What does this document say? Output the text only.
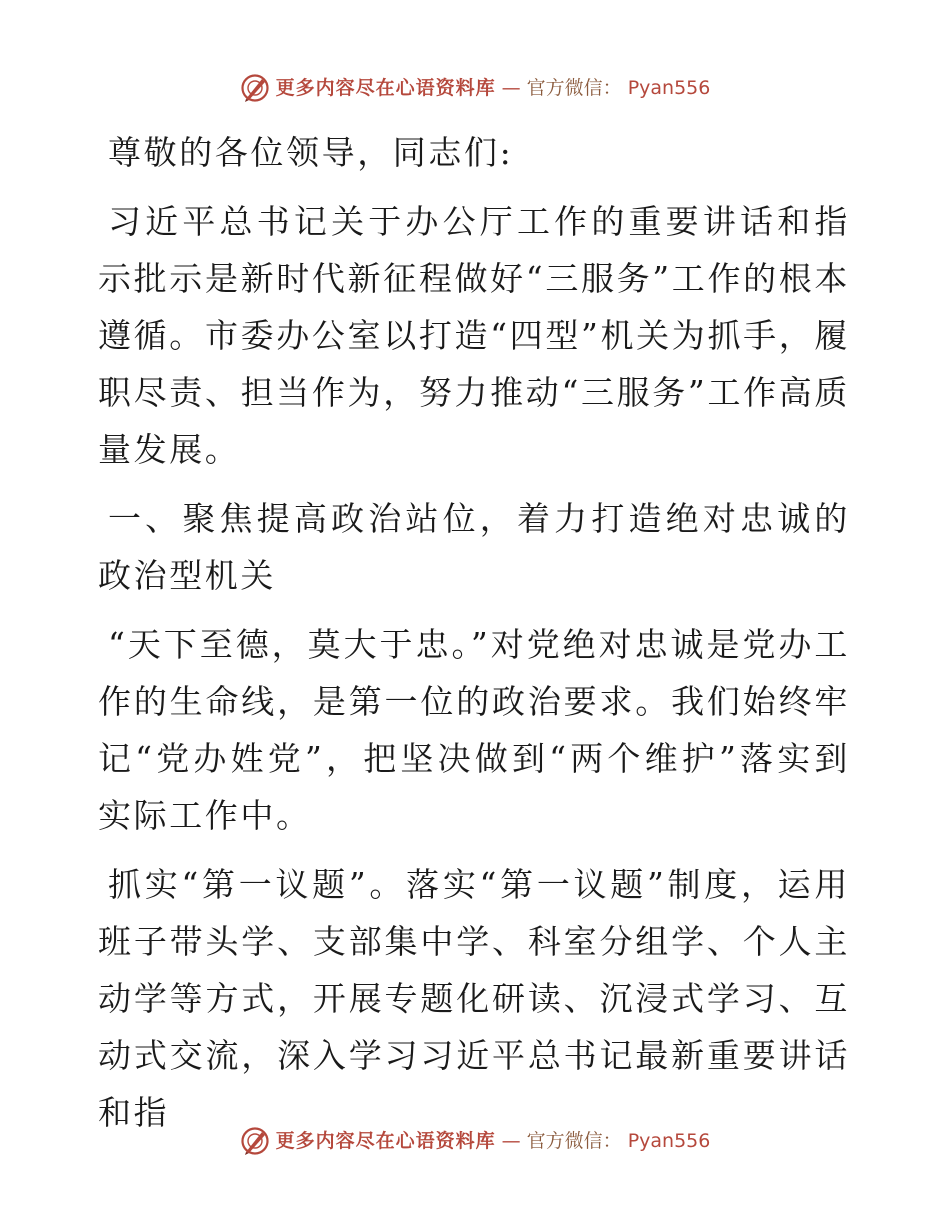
更多内容尽在心语资料库 — 官方微信： Pyan556

尊敬的各位领导，同志们:

习近平总书记关于办公厅工作的重要讲话和指示批示是新时代新征程做好“三服务”工作的根本遵循。市委办公室以打造“四型”机关为抓手，履职尽责、担当作为，努力推动“三服务”工作高质量发展。

一、聚焦提高政治站位，着力打造绝对忠诚的政治型机关

“天下至德，莫大于忠。”对党绝对忠诚是党办工作的生命线，是第一位的政治要求。我们始终牢记“党办姓党”，把坚决做到“两个维护”落实到实际工作中。

抓实“第一议题”。落实“第一议题”制度，运用班子带头学、支部集中学、科室分组学、个人主动学等方式，开展专题化研读、沉浸式学习、互动式交流，深入学习习近平总书记最新重要讲话和指

更多内容尽在心语资料库 — 官方微信： Pyan556
